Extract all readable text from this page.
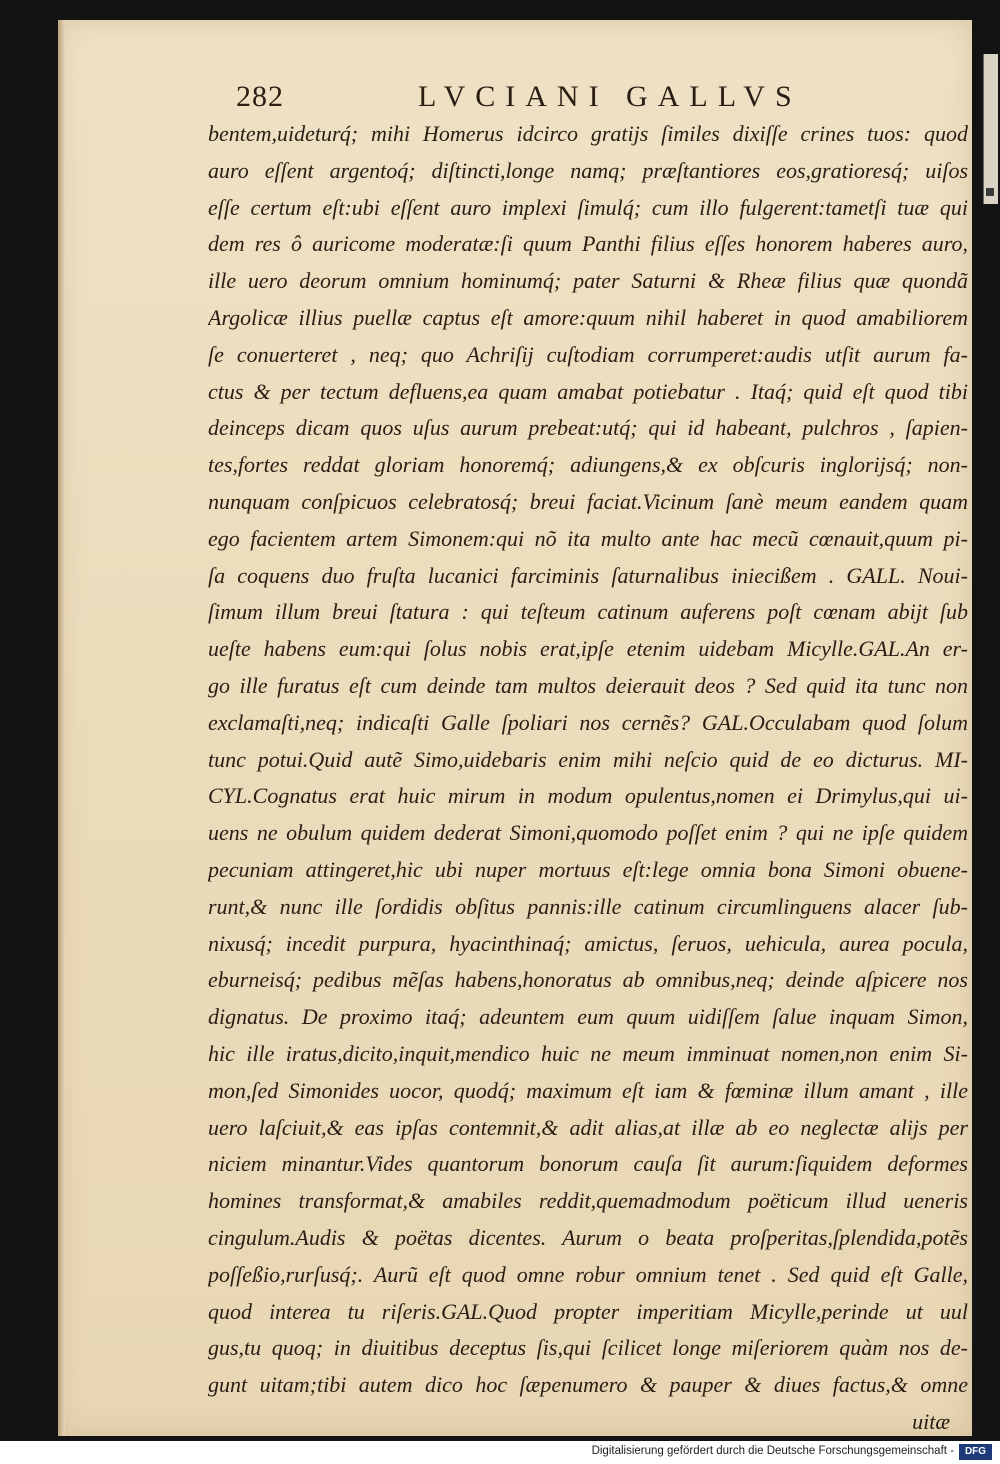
282	LVCIANI GALLVS
bentem,uideturq́; mihi Homerus idcirco gratijs ſimiles dixiſſe crines tuos: quod
auro eſſent argentoq́; diſtincti,longe namq; præſtantiores eos,gratioresq́; uiſos
eſſe certum eſt:ubi eſſent auro implexi ſimulq́; cum illo fulgerent:tametſi tuæ qui
dem res ô auricome moderatæ:ſi quum Panthi filius eſſes honorem haberes auro,
ille uero deorum omnium hominumq́; pater Saturni & Rheæ filius quæ quondã
Argolicæ illius puellæ captus eſt amore:quum nihil haberet in quod amabiliorem
ſe conuerteret , neq; quo Achriſij cuſtodiam corrumperet:audis utſit aurum fa-
ctus & per tectum defluens,ea quam amabat potiebatur . Itaq́; quid eſt quod tibi
deinceps dicam quos uſus aurum prebeat:utq́; qui id habeant, pulchros , ſapien-
tes,fortes reddat gloriam honoremq́; adiungens,& ex obſcuris inglorijsq́; non-
nunquam conſpicuos celebratosq́; breui faciat.Vicinum ſanè meum eandem quam
ego facientem artem Simonem:qui nõ ita multo ante hac mecũ cœnauit,quum pi-
ſa coquens duo fruſta lucanici farciminis ſaturnalibus iniecißem . GALL. Noui-
ſimum illum breui ſtatura : qui teſteum catinum auferens poſt cœnam abijt ſub
ueſte habens eum:qui ſolus nobis erat,ipſe etenim uidebam Micylle.GAL.An er-
go ille furatus eſt cum deinde tam multos deierauit deos ? Sed quid ita tunc non
exclamaſti,neq; indicaſti Galle ſpoliari nos cernẽs? GAL.Occulabam quod ſolum
tunc potui.Quid autẽ Simo,uidebaris enim mihi neſcio quid de eo dicturus. MI-
CYL.Cognatus erat huic mirum in modum opulentus,nomen ei Drimylus,qui ui-
uens ne obulum quidem dederat Simoni,quomodo poſſet enim ? qui ne ipſe quidem
pecuniam attingeret,hic ubi nuper mortuus eſt:lege omnia bona Simoni obuene-
runt,& nunc ille ſordidis obſitus pannis:ille catinum circumlinguens alacer ſub-
nixusq́; incedit purpura, hyacinthinaq́; amictus, ſeruos, uehicula, aurea pocula,
eburneisq́; pedibus mẽſas habens,honoratus ab omnibus,neq; deinde aſpicere nos
dignatus. De proximo itaq́; adeuntem eum quum uidiſſem ſalue inquam Simon,
hic ille iratus,dicito,inquit,mendico huic ne meum imminuat nomen,non enim Si-
mon,ſed Simonides uocor, quodq́; maximum eſt iam & fœminæ illum amant , ille
uero laſciuit,& eas ipſas contemnit,& adit alias,at illæ ab eo neglectæ alijs per
niciem minantur.Vides quantorum bonorum cauſa ſit aurum:ſiquidem deformes
homines transformat,& amabiles reddit,quemadmodum poëticum illud ueneris
cingulum.Audis & poëtas dicentes. Aurum o beata proſperitas,ſplendida,potẽs
poſſeßio,rurſusq́;. Aurũ eſt quod omne robur omnium tenet . Sed quid eſt Galle,
quod interea tu riſeris.GAL.Quod propter imperitiam Micylle,perinde ut uul
gus,tu quoq; in diuitibus deceptus ſis,qui ſcilicet longe miſeriorem quàm nos de-
gunt uitam;tibi autem dico hoc ſæpenumero & pauper & diues factus,& omne
uitæ
Digitalisierung gefördert durch die Deutsche Forschungsgemeinschaft -	DFG
